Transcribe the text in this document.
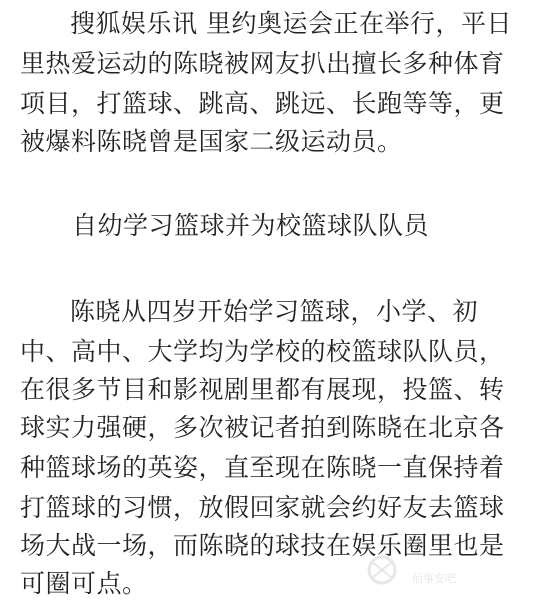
搜狐娱乐讯 里约奥运会正在举行，平日
里热爱运动的陈晓被网友扒出擅长多种体育
项目，打篮球、跳高、跳远、长跑等等，更
被爆料陈晓曾是国家二级运动员。
自幼学习篮球并为校篮球队队员
陈晓从四岁开始学习篮球，小学、初
中、高中、大学均为学校的校篮球队队员，
在很多节目和影视剧里都有展现，投篮、转
球实力强硬，多次被记者拍到陈晓在北京各
种篮球场的英姿，直至现在陈晓一直保持着
打篮球的习惯，放假回家就会约好友去篮球
场大战一场，而陈晓的球技在娱乐圈里也是
可圈可点。	佰事安吧
